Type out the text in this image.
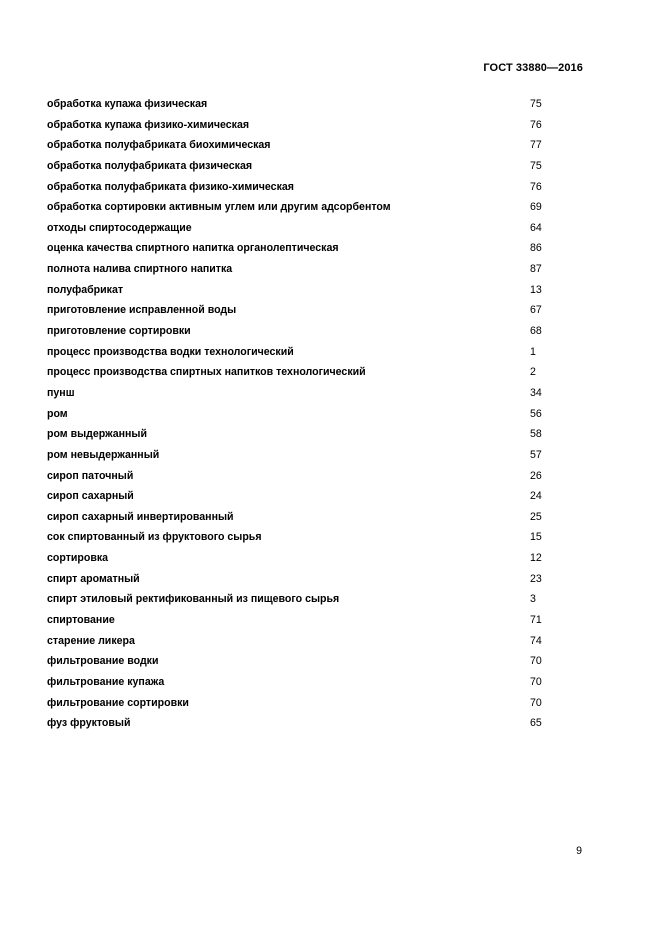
ГОСТ 33880—2016
обработка купажа физическая	75
обработка купажа физико-химическая	76
обработка полуфабриката биохимическая	77
обработка полуфабриката физическая	75
обработка полуфабриката физико-химическая	76
обработка сортировки активным углем или другим адсорбентом	69
отходы спиртосодержащие	64
оценка качества спиртного напитка органолептическая	86
полнота налива спиртного напитка	87
полуфабрикат	13
приготовление исправленной воды	67
приготовление сортировки	68
процесс производства водки технологический	1
процесс производства спиртных напитков технологический	2
пунш	34
ром	56
ром выдержанный	58
ром невыдержанный	57
сироп паточный	26
сироп сахарный	24
сироп сахарный инвертированный	25
сок спиртованный из фруктового сырья	15
сортировка	12
спирт ароматный	23
спирт этиловый ректификованный из пищевого сырья	3
спиртование	71
старение ликера	74
фильтрование водки	70
фильтрование купажа	70
фильтрование сортировки	70
фуз фруктовый	65
9
